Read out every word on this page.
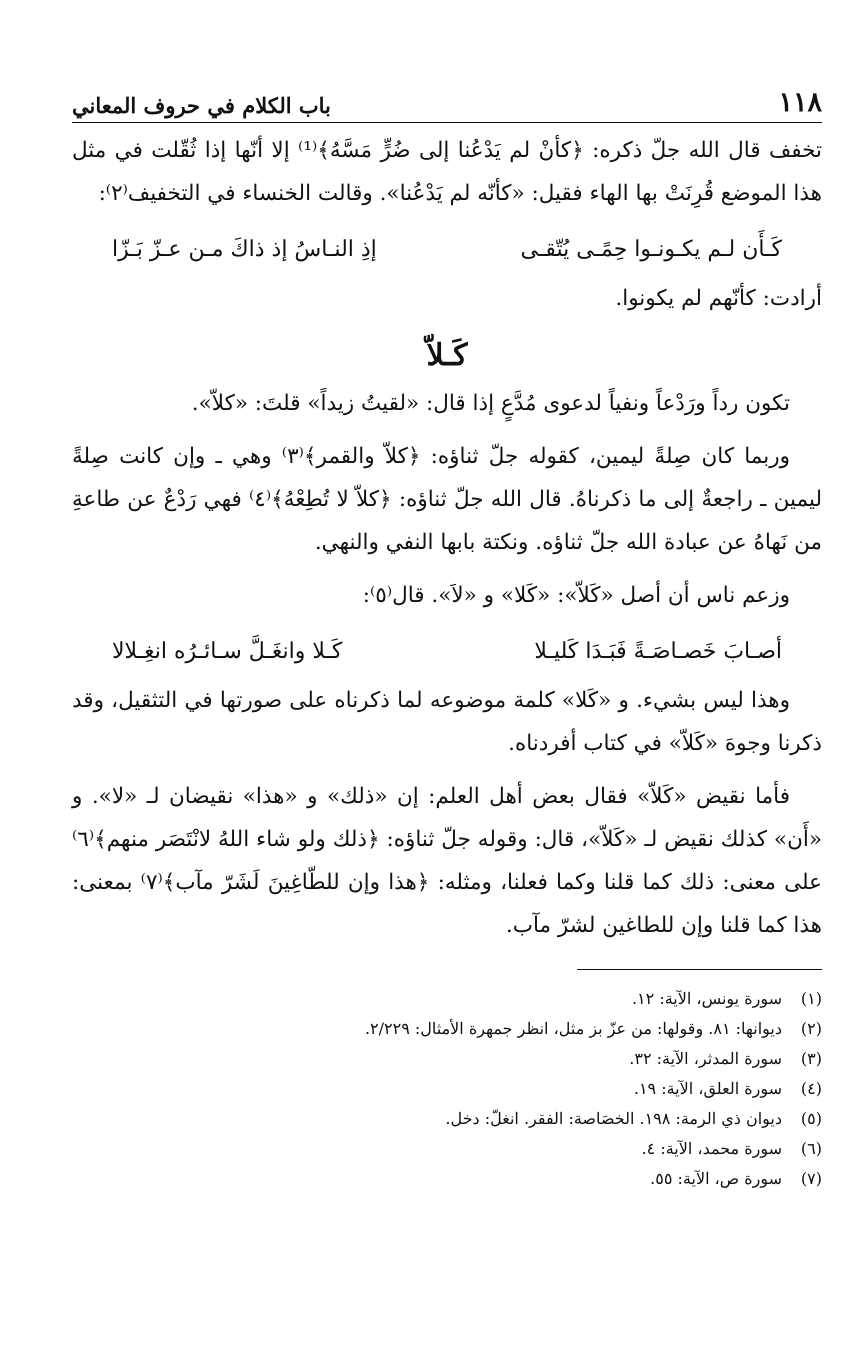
١١٨
باب الكلام في حروف المعاني

تخفف قال الله جلّ ذكره: ﴿كأنْ لم يَدْعُنا إلى ضُرٍّ مَسَّهُ﴾⁽¹⁾ إلا أنّها إذا ثُقّلت في مثل هذا الموضع قُرِنَتْ بها الهاء فقيل: «كأنّه لم يَدْعُنا». وقالت الخنساء في التخفيف⁽٢⁾:

كَـأَن لـم يكـونـوا حِمًـى يُتّقـى
إذِ النـاسُ إذ ذاكَ مـن عـزّ بَـزّا

أرادت: كأنّهم لم يكونوا.

كَـلاّ

تكون رداً ورَدْعاً ونفياً لدعوى مُدَّعٍ إذا قال: «لقيتُ زيداً» قلتَ: «كلاّ».

وربما كان صِلةً ليمين، كقوله جلّ ثناؤه: ﴿كلاّ والقمر﴾⁽٣⁾ وهي ـ وإن كانت صِلةً ليمين ـ راجعةٌ إلى ما ذكرناهُ. قال الله جلّ ثناؤه: ﴿كلاّ لا تُطِعْهُ﴾⁽٤⁾ فهي رَدْعٌ عن طاعةِ من نَهاهُ عن عبادة الله جلّ ثناؤه. ونكتة بابها النفي والنهي.

وزعم ناس أن أصل «كَلاّ»: «كَلا» و «لاَ». قال⁽٥⁾:

أصـابَ خَصـاصَـةً فَبَـدَا كَليـلا
كَـلا وانغَـلَّ سـائـرُه انغِـلالا

وهذا ليس بشيء. و «كَلا» كلمة موضوعه لما ذكرناه على صورتها في التثقيل، وقد ذكرنا وجوهَ «كَلاّ» في كتاب أفردناه.

فأما نقيض «كَلاّ» فقال بعض أهل العلم: إن «ذلك» و «هذا» نقيضان لـ «لا». و «أَن» كذلك نقيض لـ «كَلاّ»، قال: وقوله جلّ ثناؤه: ﴿ذلك ولو شاء اللهُ لانْتَصَر منهم﴾⁽٦⁾ على معنى: ذلك كما قلنا وكما فعلنا، ومثله: ﴿هذا وإن للطّاغِينَ لَشَرّ مآب﴾⁽٧⁾ بمعنى: هذا كما قلنا وإن للطاغين لشرّ مآب.

(١)
سورة يونس، الآية: ١٢.
(٢)
ديوانها: ٨١. وقولها: من عزّ بز مثل، انظر جمهرة الأمثال: ٢/٢٢٩.
(٣)
سورة المدثر، الآية: ٣٢.
(٤)
سورة العلق، الآية: ١٩.
(٥)
ديوان ذي الرمة: ١٩٨. الخصَاصة: الفقر. انغلّ: دخل.
(٦)
سورة محمد، الآية: ٤.
(٧)
سورة ص، الآية: ٥٥.
